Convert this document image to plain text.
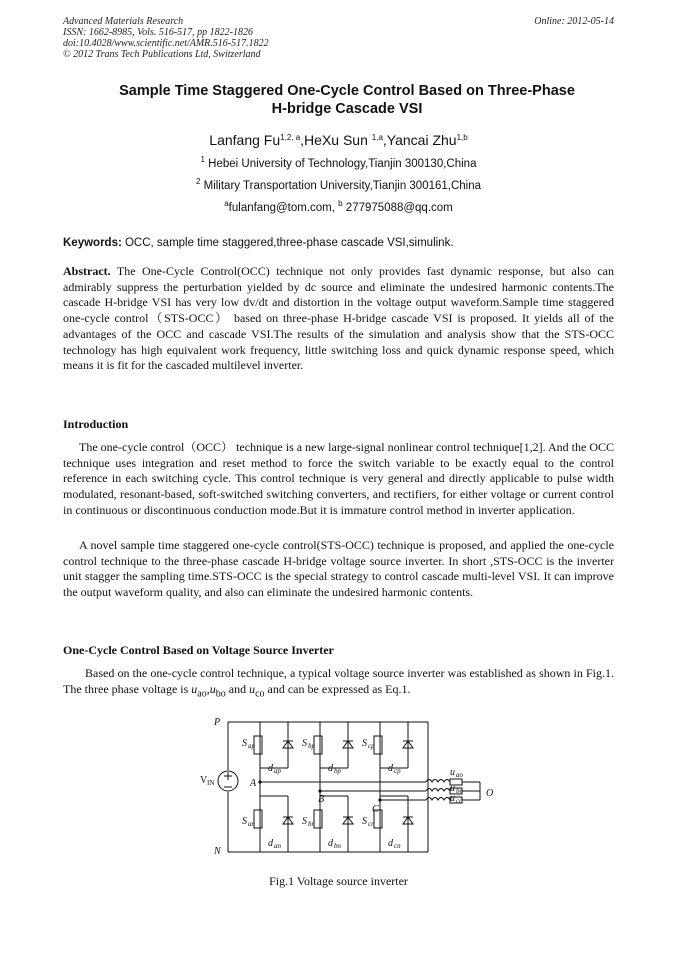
Advanced Materials Research
ISSN: 1662-8985, Vols. 516-517, pp 1822-1826
doi:10.4028/www.scientific.net/AMR.516-517.1822
© 2012 Trans Tech Publications Ltd, Switzerland
Online: 2012-05-14
Sample Time Staggered One-Cycle Control Based on Three-Phase
H-bridge Cascade VSI
Lanfang Fu$^{1,2, a}$,HeXu Sun $^{1,a}$,Yancai Zhu$^{1,b}$
$^1$ Hebei University of Technology,Tianjin 300130,China
$^2$ Military Transportation University,Tianjin 300161,China
$^a$fulanfang@tom.com, $^b$ 277975088@qq.com
Keywords: OCC, sample time staggered,three-phase cascade VSI,simulink.
Abstract. The One-Cycle Control(OCC) technique not only provides fast dynamic response, but also can admirably suppress the perturbation yielded by dc source and eliminate the undesired harmonic contents.The cascade H-bridge VSI has very low dv/dt and distortion in the voltage output waveform.Sample time staggered one-cycle control（STS-OCC） based on three-phase H-bridge cascade VSI is proposed. It yields all of the advantages of the OCC and cascade VSI.The results of the simulation and analysis show that the STS-OCC technology has high equivalent work frequency, little switching loss and quick dynamic response speed, which means it is fit for the cascaded multilevel inverter.
Introduction
The one-cycle control（OCC） technique is a new large-signal nonlinear control technique[1,2]. And the OCC technique uses integration and reset method to force the switch variable to be exactly equal to the control reference in each switching cycle. This control technique is very general and directly applicable to pulse width modulated, resonant-based, soft-switched switching converters, and rectifiers, for either voltage or current control in continuous or discontinuous conduction mode.But it is immature control method in inverter application.
A novel sample time staggered one-cycle control(STS-OCC) technique is proposed, and applied the one-cycle control technique to the three-phase cascade H-bridge voltage source inverter. In short ,STS-OCC is the inverter unit stagger the sampling time.STS-OCC is the special strategy to control cascade multi-level VSI. It can improve the output waveform quality, and also can eliminate the undesired harmonic contents.
One-Cycle Control Based on Voltage Source Inverter
Based on the one-cycle control technique, a typical voltage source inverter was established as shown in Fig.1. The three phase voltage is $u_{ao},u_{bo}$ and $u_{co}$ and can be expressed as Eq.1.
P
N
V IN	A
B
C
O
S ap	S bp	S cp
S an	S bn	S cn
d ap	d bp	d cp
d an	d bn	d cn
u ao
u bo
u co
Fig.1 Voltage source inverter
